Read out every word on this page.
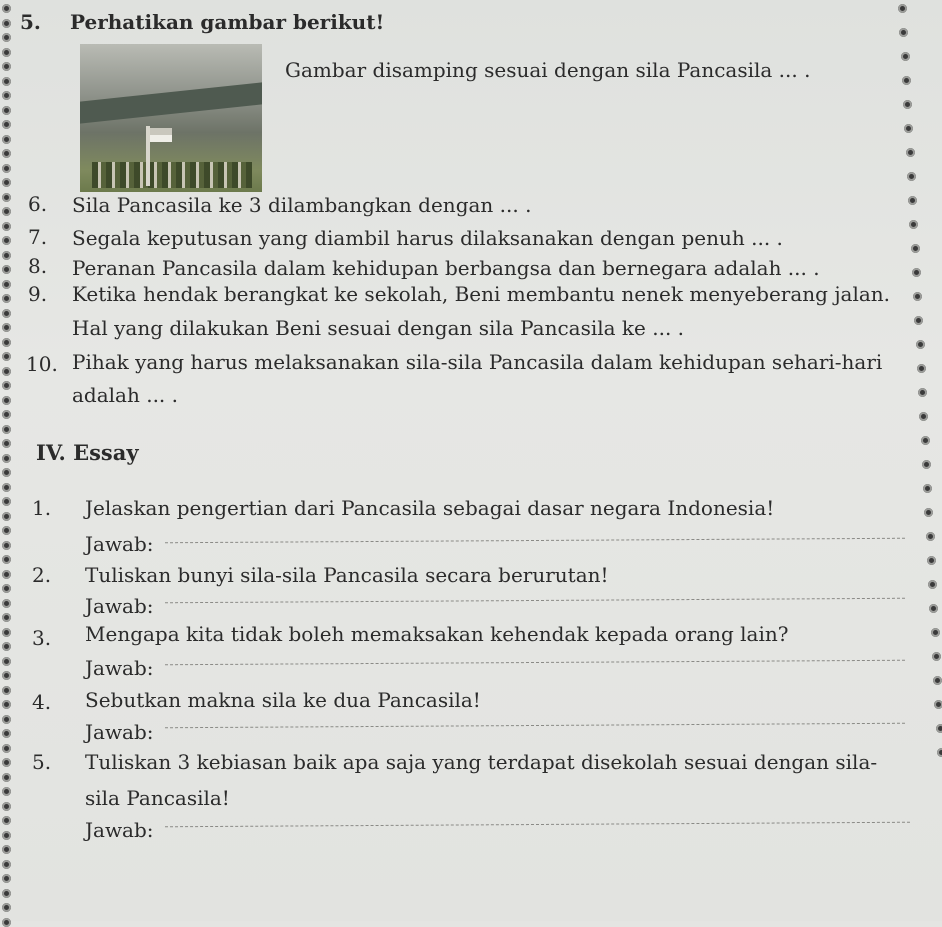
5. Perhatikan gambar berikut!
Gambar disamping sesuai dengan sila Pancasila ... .
6. Sila Pancasila ke 3 dilambangkan dengan ... .
7. Segala keputusan yang diambil harus dilaksanakan dengan penuh ... .
8. Peranan Pancasila dalam kehidupan berbangsa dan bernegara adalah ... .
9. Ketika hendak berangkat ke sekolah, Beni membantu nenek menyeberang jalan.
Hal yang dilakukan Beni sesuai dengan sila Pancasila ke ... .
10. Pihak yang harus melaksanakan sila-sila Pancasila dalam kehidupan sehari-hari
adalah ... .
IV. Essay
1. Jelaskan pengertian dari Pancasila sebagai dasar negara Indonesia!
Jawab:
2. Tuliskan bunyi sila-sila Pancasila secara berurutan!
Jawab:
3. Mengapa kita tidak boleh memaksakan kehendak kepada orang lain?
Jawab:
4. Sebutkan makna sila ke dua Pancasila!
Jawab:
5. Tuliskan 3 kebiasan baik apa saja yang terdapat disekolah sesuai dengan sila-
sila Pancasila!
Jawab:
